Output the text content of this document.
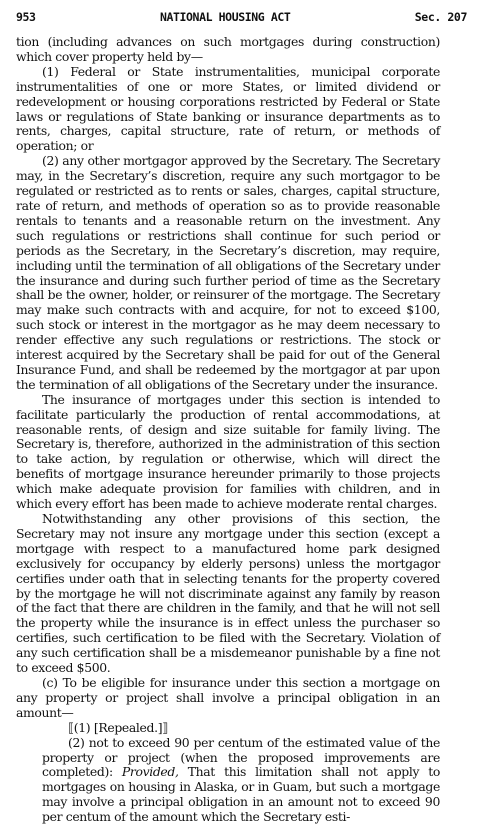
953	NATIONAL HOUSING ACT	Sec. 207

tion (including advances on such mortgages during construction) which cover property held by—

(1) Federal or State instrumentalities, municipal corporate instrumentalities of one or more States, or limited dividend or redevelopment or housing corporations restricted by Federal or State laws or regulations of State banking or insurance departments as to rents, charges, capital structure, rate of return, or methods of operation; or

(2) any other mortgagor approved by the Secretary. The Secretary may, in the Secretary’s discretion, require any such mortgagor to be regulated or restricted as to rents or sales, charges, capital structure, rate of return, and methods of operation so as to provide reasonable rentals to tenants and a reasonable return on the investment. Any such regulations or restrictions shall continue for such period or periods as the Secretary, in the Secretary’s discretion, may require, including until the termination of all obligations of the Secretary under the insurance and during such further period of time as the Secretary shall be the owner, holder, or reinsurer of the mortgage. The Secretary may make such contracts with and acquire, for not to exceed $100, such stock or interest in the mortgagor as he may deem necessary to render effective any such regulations or restrictions. The stock or interest acquired by the Secretary shall be paid for out of the General Insurance Fund, and shall be redeemed by the mortgagor at par upon the termination of all obligations of the Secretary under the insurance.

The insurance of mortgages under this section is intended to facilitate particularly the production of rental accommodations, at reasonable rents, of design and size suitable for family living. The Secretary is, therefore, authorized in the administration of this section to take action, by regulation or otherwise, which will direct the benefits of mortgage insurance hereunder primarily to those projects which make adequate provision for families with children, and in which every effort has been made to achieve moderate rental charges.

Notwithstanding any other provisions of this section, the Secretary may not insure any mortgage under this section (except a mortgage with respect to a manufactured home park designed exclusively for occupancy by elderly persons) unless the mortgagor certifies under oath that in selecting tenants for the property covered by the mortgage he will not discriminate against any family by reason of the fact that there are children in the family, and that he will not sell the property while the insurance is in effect unless the purchaser so certifies, such certification to be filed with the Secretary. Violation of any such certification shall be a misdemeanor punishable by a fine not to exceed $500.

(c) To be eligible for insurance under this section a mortgage on any property or project shall involve a principal obligation in an amount—

⟦(1) [Repealed.]⟧

(2) not to exceed 90 per centum of the estimated value of the property or project (when the proposed improvements are completed): Provided, That this limitation shall not apply to mortgages on housing in Alaska, or in Guam, but such a mortgage may involve a principal obligation in an amount not to exceed 90 per centum of the amount which the Secretary esti-
